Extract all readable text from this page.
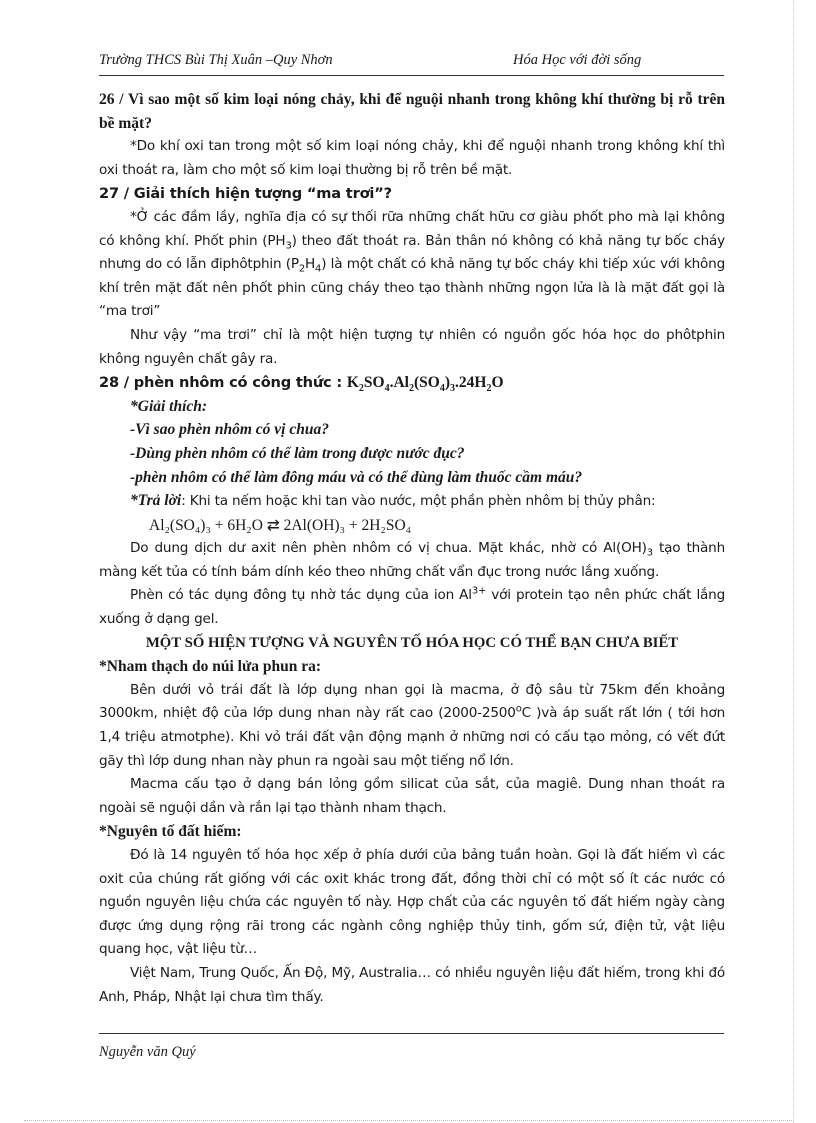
Trường THCS Bùi Thị Xuân –Quy Nhơn	Hóa Học với đời sống

26 / Vì sao một số kim loại nóng chảy, khi để nguội nhanh trong không khí thường bị rỗ trên bề mặt?

*Do khí oxi tan trong một số kim loại nóng chảy, khi để nguội nhanh trong không khí thì oxi thoát ra, làm cho một số kim loại thường bị rỗ trên bề mặt.

27 / Giải thích hiện tượng “ma trơi”?

*Ở các đầm lầy, nghĩa địa có sự thối rữa những chất hữu cơ giàu phốt pho mà lại không có không khí. Phốt phin $(PH_3)$ theo đất thoát ra. Bản thân nó không có khả năng tự bốc cháy nhưng do có lẫn điphôtphin $(P_2H_4)$ là một chất có khả năng tự bốc cháy khi tiếp xúc với không khí trên mặt đất nên phốt phin cũng cháy theo tạo thành những ngọn lửa là là mặt đất gọi là “ma trơi”

Như vậy “ma trơi” chỉ là một hiện tượng tự nhiên có nguồn gốc hóa học do phôtphin không nguyên chất gây ra.

28 / phèn nhôm có công thức : $K_2SO_4.Al_2(SO_4)_3.24H_2O$

*Giải thích:

-Vì sao phèn nhôm có vị chua?

-Dùng phèn nhôm có thể làm trong được nước đục?

-phèn nhôm có thể làm đông máu và có thể dùng làm thuốc cầm máu?

*Trả lời: Khi ta nếm hoặc khi tan vào nước, một phần phèn nhôm bị thủy phân:

Al₂(SO₄)₃ + 6H₂O ⇄ 2Al(OH)₃ + 2H₂SO₄

Do dung dịch dư axit nên phèn nhôm có vị chua. Mặt khác, nhờ có $Al(OH)_3$ tạo thành màng kết tủa có tính bám dính kéo theo những chất vẩn đục trong nước lắng xuống.

Phèn có tác dụng đông tụ nhờ tác dụng của ion $Al^{3+}$ với protein tạo nên phức chất lắng xuống ở dạng gel.

MỘT SỐ HIỆN TƯỢNG VÀ NGUYÊN TỐ HÓA HỌC CÓ THỂ BẠN CHƯA BIẾT

*Nham thạch do núi lửa phun ra:

Bên dưới vỏ trái đất là lớp dụng nhan gọi là macma, ở độ sâu từ 75km đến khoảng 3000km, nhiệt độ của lớp dung nhan này rất cao (2000-2500$^o$C )và áp suất rất lớn ( tới hơn 1,4 triệu atmotphe). Khi vỏ trái đất vận động mạnh ở những nơi có cấu tạo mỏng, có vết đứt gãy thì lớp dung nhan này phun ra ngoài sau một tiếng nổ lớn.

Macma cấu tạo ở dạng bán lỏng gồm silicat của sắt, của magiê. Dung nhan thoát ra ngoài sẽ nguội dần và rắn lại tạo thành nham thạch.

*Nguyên tố đất hiếm:

Đó là 14 nguyên tố hóa học xếp ở phía dưới của bảng tuần hoàn. Gọi là đất hiếm vì các oxit của chúng rất giống với các oxit khác trong đất, đồng thời chỉ có một số ít các nước có nguồn nguyên liệu chứa các nguyên tố này. Hợp chất của các nguyên tố đất hiếm ngày càng được ứng dụng rộng rãi trong các ngành công nghiệp thủy tinh, gốm sứ, điện tử, vật liệu quang học, vật liệu từ…

Việt Nam, Trung Quốc, Ấn Độ, Mỹ, Australia… có nhiều nguyên liệu đất hiếm, trong khi đó Anh, Pháp, Nhật lại chưa tìm thấy.

Nguyễn văn Quý
